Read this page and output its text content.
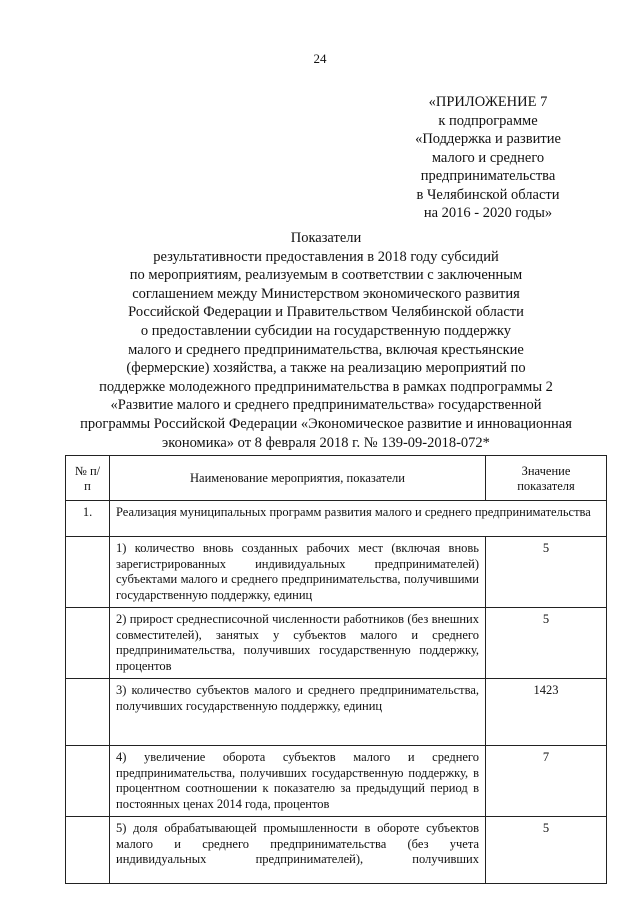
24
«ПРИЛОЖЕНИЕ 7
к подпрограмме
«Поддержка и развитие
малого и среднего
предпринимательства
в Челябинской области
на 2016 - 2020 годы»
Показатели
результативности предоставления в 2018 году субсидий
по мероприятиям, реализуемым в соответствии с заключенным
соглашением между Министерством экономического развития
Российской Федерации и Правительством Челябинской области
о предоставлении субсидии на государственную поддержку
малого и среднего предпринимательства, включая крестьянские
(фермерские) хозяйства, а также на реализацию мероприятий по
поддержке молодежного предпринимательства в рамках подпрограммы 2
«Развитие малого и среднего предпринимательства» государственной
программы Российской Федерации «Экономическое развитие и инновационная
экономика» от 8 февраля 2018 г. № 139-09-2018-072*
№ п/п	Наименование мероприятия, показатели	Значение показателя
1.	Реализация муниципальных программ развития малого и среднего предпринимательства	
	1) количество вновь созданных рабочих мест (включая вновь зарегистрированных индивидуальных предпринимателей) субъектами малого и среднего предпринимательства, получившими государственную поддержку, единиц	5
	2) прирост среднесписочной численности работников (без внешних совместителей), занятых у субъектов малого и среднего предпринимательства, получивших государственную поддержку, процентов	5
	3) количество субъектов малого и среднего предпринимательства, получивших государственную поддержку, единиц	1423
	4) увеличение оборота субъектов малого и среднего предпринимательства, получивших государственную поддержку, в процентном соотношении к показателю за предыдущий период в постоянных ценах 2014 года, процентов	7
	5) доля обрабатывающей промышленности в обороте субъектов малого и среднего предпринимательства (без учета индивидуальных предпринимателей), получивших	5
